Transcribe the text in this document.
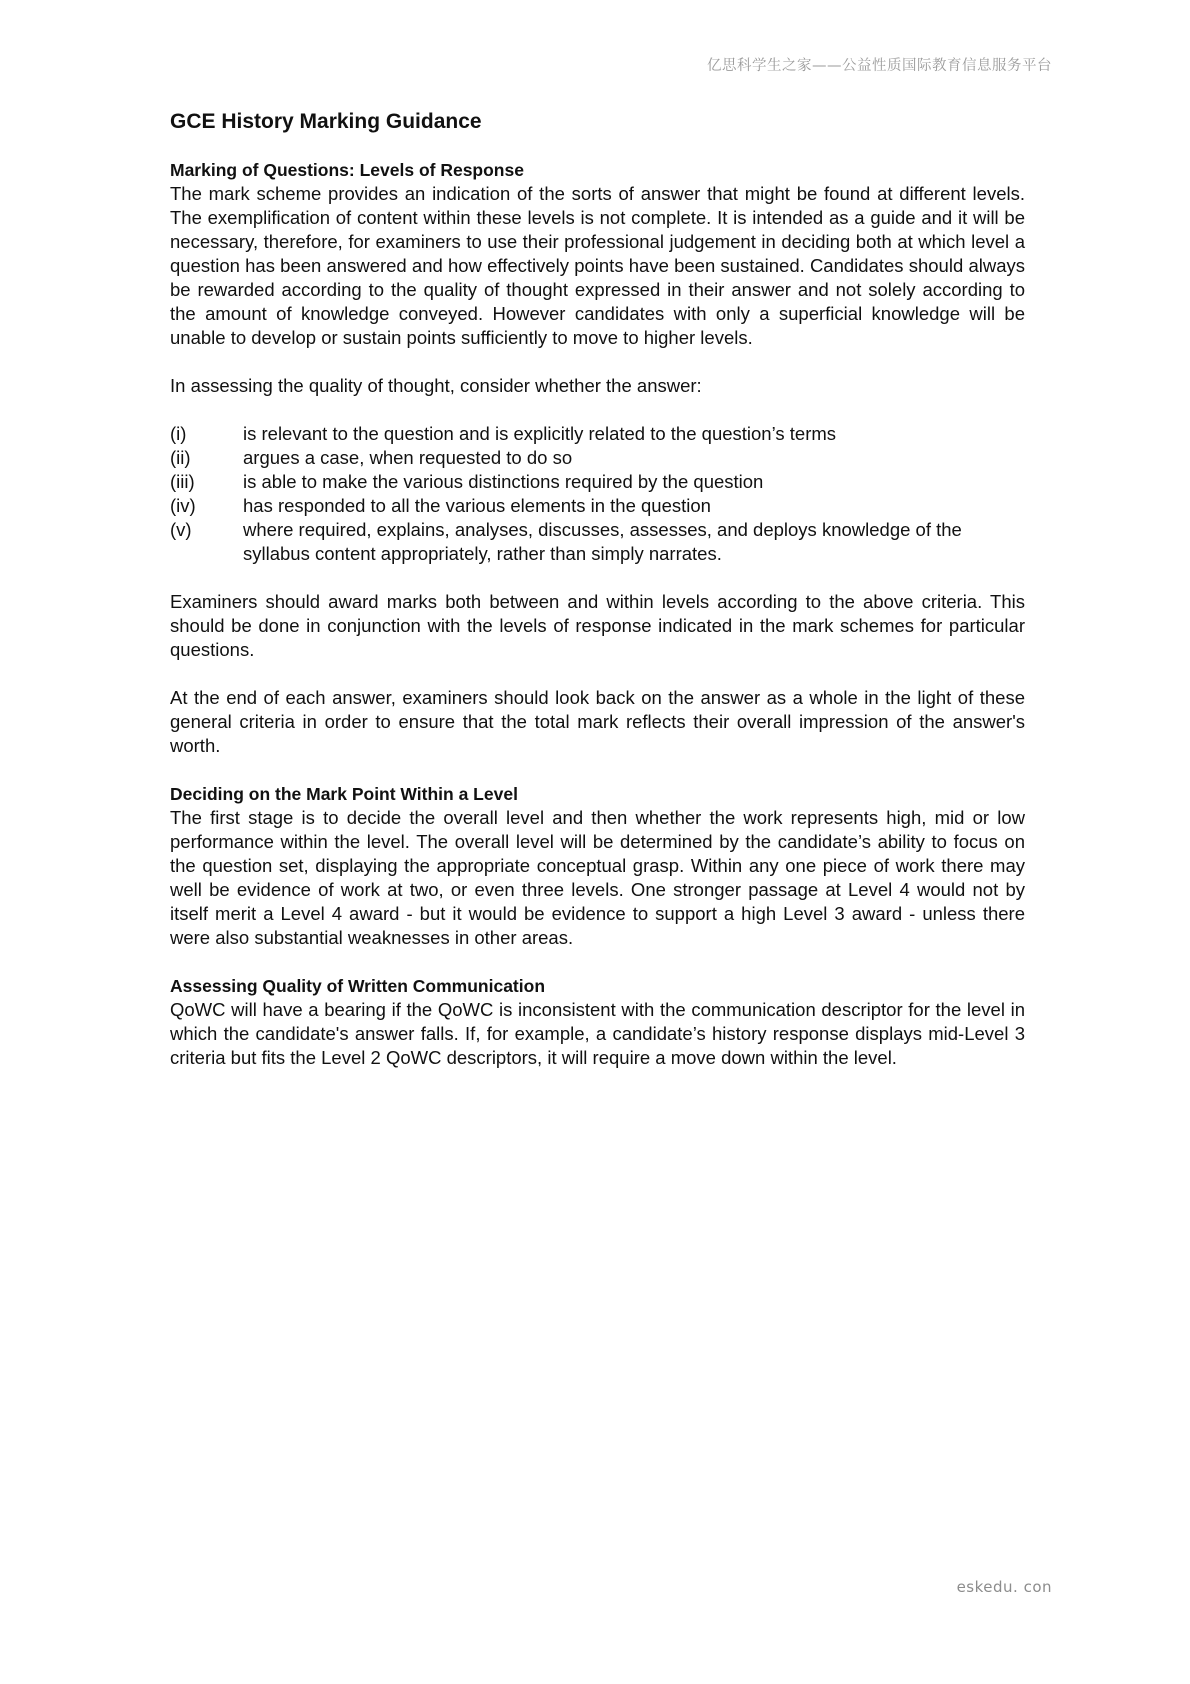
亿思科学生之家——公益性质国际教育信息服务平台
GCE History Marking Guidance
Marking of Questions: Levels of Response

The mark scheme provides an indication of the sorts of answer that might be found at different levels. The exemplification of content within these levels is not complete. It is intended as a guide and it will be necessary, therefore, for examiners to use their professional judgement in deciding both at which level a question has been answered and how effectively points have been sustained. Candidates should always be rewarded according to the quality of thought expressed in their answer and not solely according to the amount of knowledge conveyed. However candidates with only a superficial knowledge will be unable to develop or sustain points sufficiently to move to higher levels.

In assessing the quality of thought, consider whether the answer:

(i)	is relevant to the question and is explicitly related to the question’s terms
(ii)	argues a case, when requested to do so
(iii)	is able to make the various distinctions required by the question
(iv)	has responded to all the various elements in the question
(v)	where required, explains, analyses, discusses, assesses, and deploys knowledge of the syllabus content appropriately, rather than simply narrates.

Examiners should award marks both between and within levels according to the above criteria. This should be done in conjunction with the levels of response indicated in the mark schemes for particular questions.

At the end of each answer, examiners should look back on the answer as a whole in the light of these general criteria in order to ensure that the total mark reflects their overall impression of the answer's worth.

Deciding on the Mark Point Within a Level

The first stage is to decide the overall level and then whether the work represents high, mid or low performance within the level. The overall level will be determined by the candidate’s ability to focus on the question set, displaying the appropriate conceptual grasp. Within any one piece of work there may well be evidence of work at two, or even three levels. One stronger passage at Level 4 would not by itself merit a Level 4 award - but it would be evidence to support a high Level 3 award - unless there were also substantial weaknesses in other areas.

Assessing Quality of Written Communication

QoWC will have a bearing if the QoWC is inconsistent with the communication descriptor for the level in which the candidate's answer falls. If, for example, a candidate’s history response displays mid-Level 3 criteria but fits the Level 2 QoWC descriptors, it will require a move down within the level.

eskedu. con
